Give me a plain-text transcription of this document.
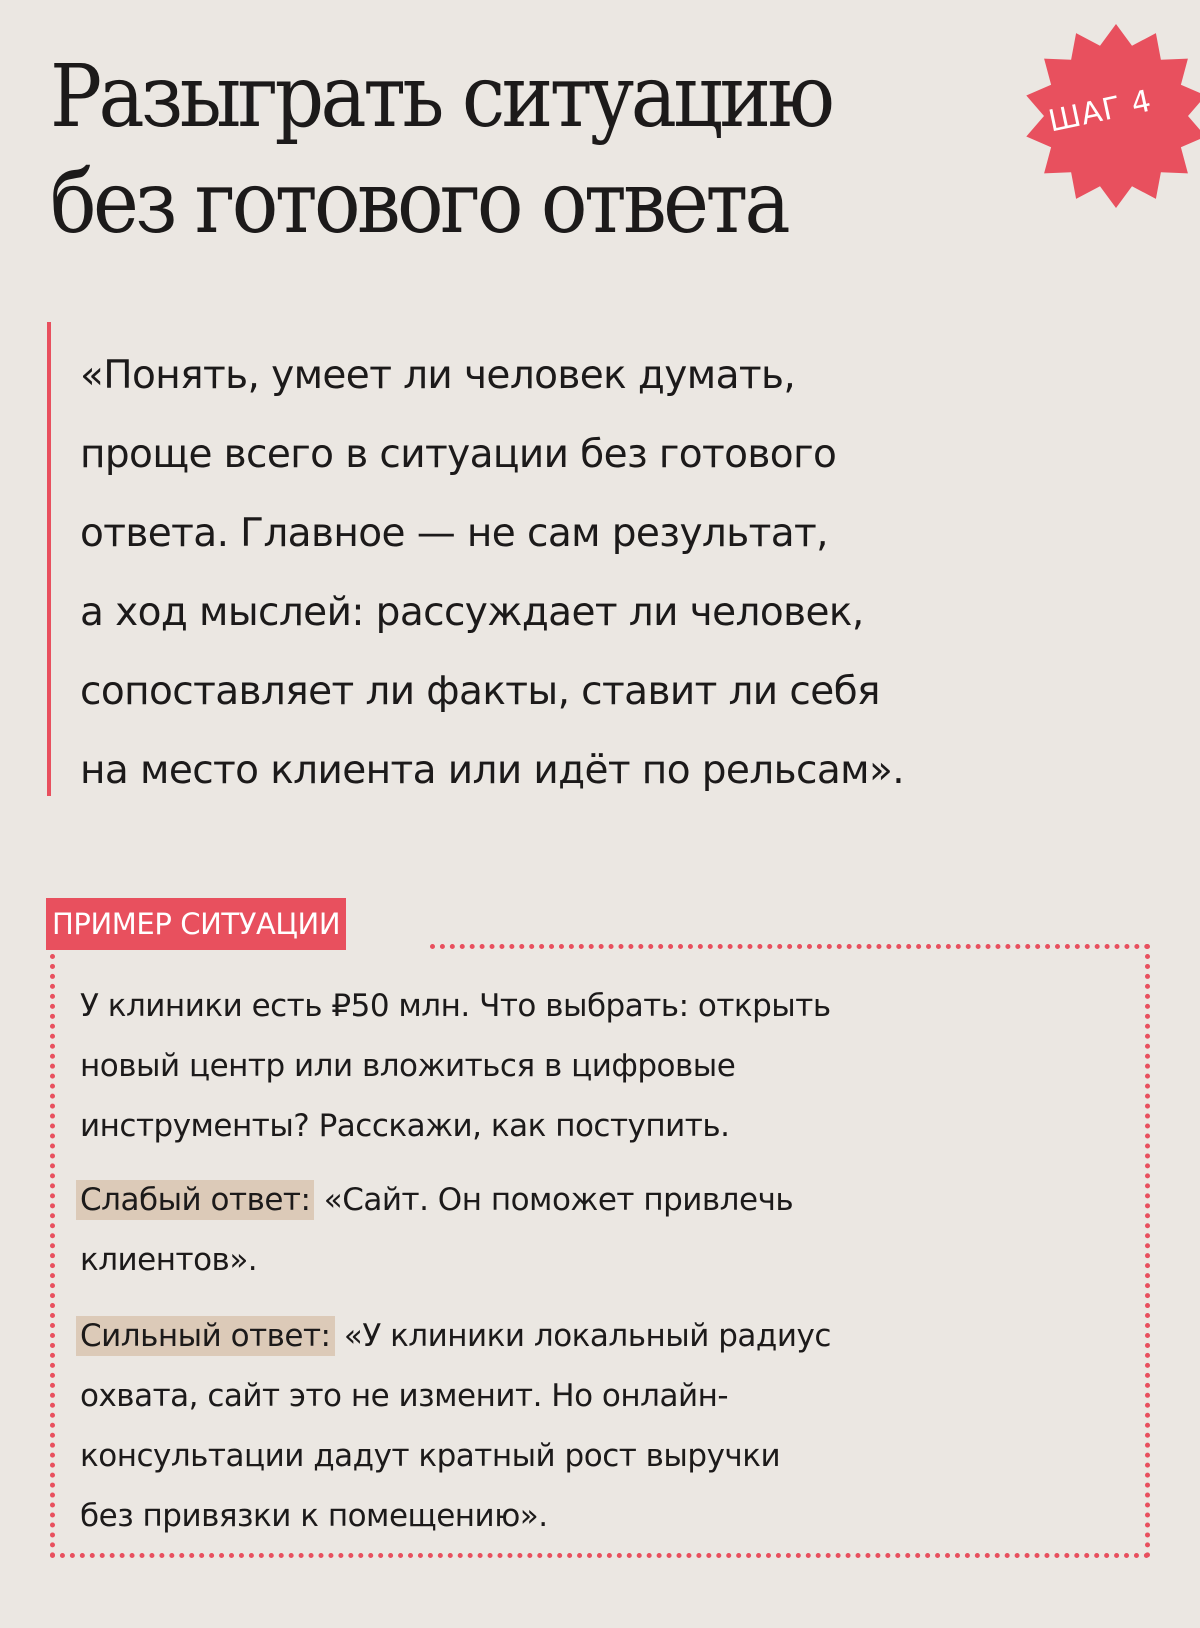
Разыграть ситуацию
без готового ответа
ШАГ 4
«Понять, умеет ли человек думать,
проще всего в ситуации без готового
ответа. Главное — не сам результат,
а ход мыслей: рассуждает ли человек,
сопоставляет ли факты, ставит ли себя
на место клиента или идёт по рельсам».
ПРИМЕР СИТУАЦИИ
У клиники есть ₽50 млн. Что выбрать: открыть
новый центр или вложиться в цифровые
инструменты? Расскажи, как поступить.
Слабый ответ: «Сайт. Он поможет привлечь
клиентов».
Сильный ответ: «У клиники локальный радиус
охвата, сайт это не изменит. Но онлайн-
консультации дадут кратный рост выручки
без привязки к помещению».
